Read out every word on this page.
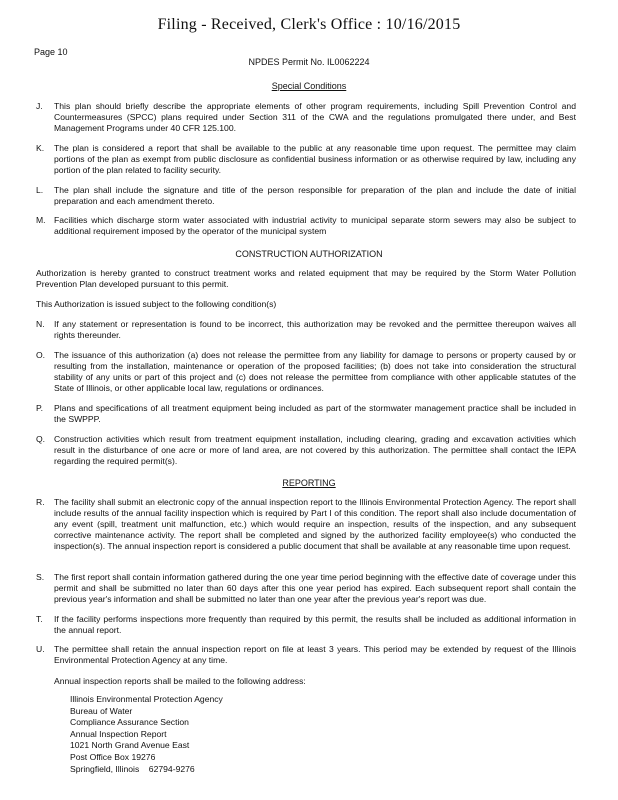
Filing - Received, Clerk's Office : 10/16/2015
Page 10
NPDES Permit No. IL0062224
Special Conditions
J.	This plan should briefly describe the appropriate elements of other program requirements, including Spill Prevention Control and Countermeasures (SPCC) plans required under Section 311 of the CWA and the regulations promulgated there under, and Best Management Programs under 40 CFR 125.100.
K.	The plan is considered a report that shall be available to the public at any reasonable time upon request. The permittee may claim portions of the plan as exempt from public disclosure as confidential business information or as otherwise required by law, including any portion of the plan related to facility security.
L.	The plan shall include the signature and title of the person responsible for preparation of the plan and include the date of initial preparation and each amendment thereto.
M. Facilities which discharge storm water associated with industrial activity to municipal separate storm sewers may also be subject to additional requirement imposed by the operator of the municipal system
CONSTRUCTION AUTHORIZATION
Authorization is hereby granted to construct treatment works and related equipment that may be required by the Storm Water Pollution Prevention Plan developed pursuant to this permit.
This Authorization is issued subject to the following condition(s)
N.	If any statement or representation is found to be incorrect, this authorization may be revoked and the permittee thereupon waives all rights thereunder.
O.	The issuance of this authorization (a) does not release the permittee from any liability for damage to persons or property caused by or resulting from the installation, maintenance or operation of the proposed facilities; (b) does not take into consideration the structural stability of any units or part of this project and (c) does not release the permittee from compliance with other applicable statutes of the State of Illinois, or other applicable local law, regulations or ordinances.
P.	Plans and specifications of all treatment equipment being included as part of the stormwater management practice shall be included in the SWPPP.
Q.	Construction activities which result from treatment equipment installation, including clearing, grading and excavation activities which result in the disturbance of one acre or more of land area, are not covered by this authorization. The permittee shall contact the IEPA regarding the required permit(s).
REPORTING
R.	The facility shall submit an electronic copy of the annual inspection report to the Illinois Environmental Protection Agency. The report shall include results of the annual facility inspection which is required by Part I of this condition. The report shall also include documentation of any event (spill, treatment unit malfunction, etc.) which would require an inspection, results of the inspection, and any subsequent corrective maintenance activity. The report shall be completed and signed by the authorized facility employee(s) who conducted the inspection(s). The annual inspection report is considered a public document that shall be available at any reasonable time upon request.
S.	The first report shall contain information gathered during the one year time period beginning with the effective date of coverage under this permit and shall be submitted no later than 60 days after this one year period has expired. Each subsequent report shall contain the previous year's information and shall be submitted no later than one year after the previous year's report was due.
T.	If the facility performs inspections more frequently than required by this permit, the results shall be included as additional information in the annual report.
U.	The permittee shall retain the annual inspection report on file at least 3 years. This period may be extended by request of the Illinois Environmental Protection Agency at any time.
Annual inspection reports shall be mailed to the following address:
Illinois Environmental Protection Agency
Bureau of Water
Compliance Assurance Section
Annual Inspection Report
1021 North Grand Avenue East
Post Office Box 19276
Springfield, Illinois    62794-9276
